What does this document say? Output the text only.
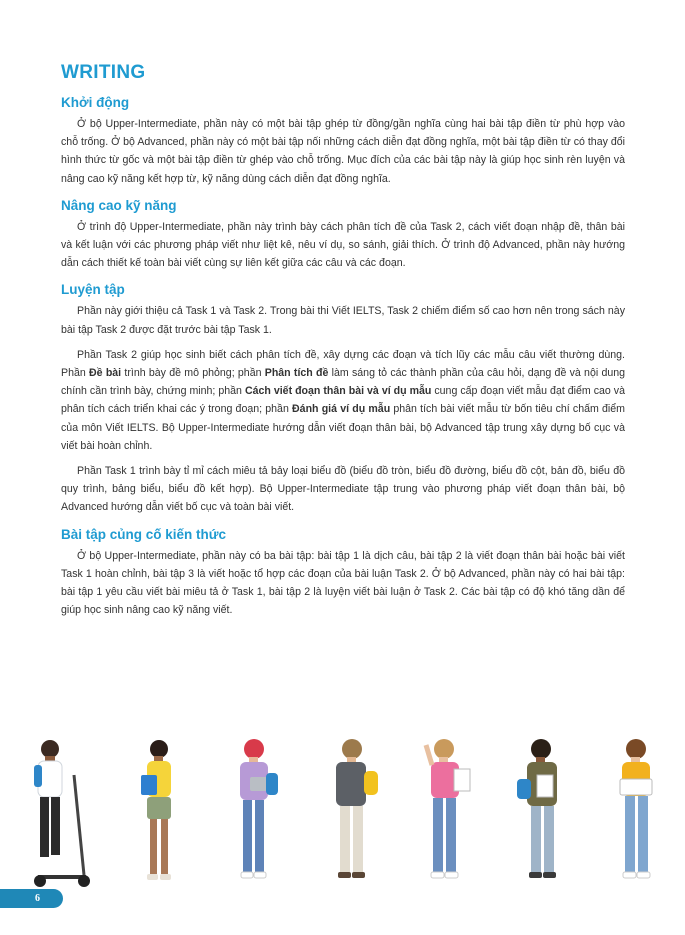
WRITING
Khởi động

Ở bộ Upper-Intermediate, phần này có một bài tập ghép từ đồng/gần nghĩa cùng hai bài tập điền từ phù hợp vào chỗ trống. Ở bộ Advanced, phần này có một bài tập nối những cách diễn đạt đồng nghĩa, một bài tập điền từ có thay đổi hình thức từ gốc và một bài tập điền từ ghép vào chỗ trống. Mục đích của các bài tập này là giúp học sinh rèn luyện và nâng cao kỹ năng kết hợp từ, kỹ năng dùng cách diễn đạt đồng nghĩa.

Nâng cao kỹ năng

Ở trình độ Upper-Intermediate, phần này trình bày cách phân tích đề của Task 2, cách viết đoạn nhập đề, thân bài và kết luận với các phương pháp viết như liệt kê, nêu ví dụ, so sánh, giải thích. Ở trình độ Advanced, phần này hướng dẫn cách thiết kế toàn bài viết cùng sự liên kết giữa các câu và các đoạn.

Luyện tập

Phần này giới thiệu cả Task 1 và Task 2. Trong bài thi Viết IELTS, Task 2 chiếm điểm số cao hơn nên trong sách này bài tập Task 2 được đặt trước bài tập Task 1.

Phần Task 2 giúp học sinh biết cách phân tích đề, xây dựng các đoạn và tích lũy các mẫu câu viết thường dùng. Phần Đề bài trình bày đề mô phỏng; phần Phân tích đề làm sáng tỏ các thành phần của câu hỏi, dạng đề và nội dung chính cần trình bày, chứng minh; phần Cách viết đoạn thân bài và ví dụ mẫu cung cấp đoạn viết mẫu đạt điểm cao và phân tích cách triển khai các ý trong đoạn; phần Đánh giá ví dụ mẫu phân tích bài viết mẫu từ bốn tiêu chí chấm điểm của môn Viết IELTS. Bộ Upper-Intermediate hướng dẫn viết đoạn thân bài, bộ Advanced tập trung xây dựng bố cục và viết bài hoàn chỉnh.

Phần Task 1 trình bày tỉ mỉ cách miêu tả bảy loại biểu đồ (biểu đồ tròn, biểu đồ đường, biểu đồ cột, bản đồ, biểu đồ quy trình, bảng biểu, biểu đồ kết hợp). Bộ Upper-Intermediate tập trung vào phương pháp viết đoạn thân bài, bộ Advanced hướng dẫn viết bố cục và toàn bài viết.

Bài tập củng cố kiến thức

Ở bộ Upper-Intermediate, phần này có ba bài tập: bài tập 1 là dịch câu, bài tập 2 là viết đoạn thân bài hoặc bài viết Task 1 hoàn chỉnh, bài tập 3 là viết hoặc tổ hợp các đoạn của bài luận Task 2. Ở bộ Advanced, phần này có hai bài tập: bài tập 1 yêu cầu viết bài miêu tả ở Task 1, bài tập 2 là luyện viết bài luận ở Task 2. Các bài tập có độ khó tăng dần để giúp học sinh nâng cao kỹ năng viết.

6
